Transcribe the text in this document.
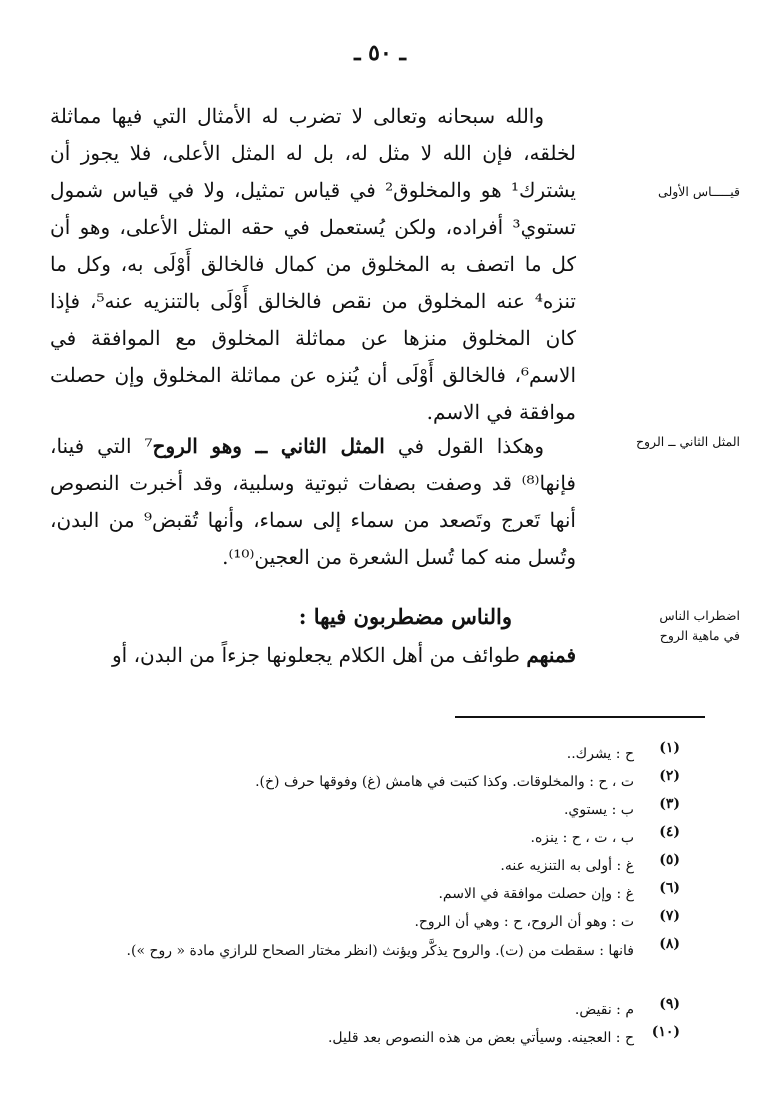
ـ ٥٠ ـ
قيـــــاس الأولى
المثل الثاني ــ الروح
اضطراب الناس في ماهية الروح

والله سبحانه وتعالى لا تضرب له الأمثال التي فيها مماثلة لخلقه، فإن الله لا مثل له، بل له المثل الأعلى، فلا يجوز أن يشترك¹ هو والمخلوق² في قياس تمثيل، ولا في قياس شمول تستوي³ أفراده، ولكن يُستعمل في حقه المثل الأعلى، وهو أن كل ما اتصف به المخلوق من كمال فالخالق أَوْلَى به، وكل ما تنزه⁴ عنه المخلوق من نقص فالخالق أَوْلَى بالتنزيه عنه⁵، فإذا كان المخلوق منزها عن مماثلة المخلوق مع الموافقة في الاسم⁶، فالخالق أَوْلَى أن يُنزه عن مماثلة المخلوق وإن حصلت موافقة في الاسم.

وهكذا القول في المثل الثاني ــ وهو الروح⁷ التي فينا، فإنها⁽⁸⁾ قد وصفت بصفات ثبوتية وسلبية، وقد أخبرت النصوص أنها تَعرج وتَصعد من سماء إلى سماء، وأنها تُقبض⁹ من البدن، وتُسل منه كما تُسل الشعرة من العجين⁽¹⁰⁾.

والناس مضطربون فيها :

فمنهم طوائف من أهل الكلام يجعلونها جزءاً من البدن، أو

(١)
ح : يشرك..
(٢)
ت ، ح : والمخلوقات. وكذا كتبت في هامش (غ) وفوقها حرف (خ).
(٣)
ب : يستوي.
(٤)
ب ، ت ، ح : ينزه.
(٥)
غ : أولى به التنزيه عنه.
(٦)
غ : وإن حصلت موافقة في الاسم.
(٧)
ت : وهو أن الروح، ح : وهي أن الروح.
(٨)
فانها : سقطت من (ت). والروح يذكَّر ويؤنث (انظر مختار الصحاح للرازي مادة « روح »).
(٩)
م : نقيض.
(١٠)
ح : العجينه. وسيأتي بعض من هذه النصوص بعد قليل.
